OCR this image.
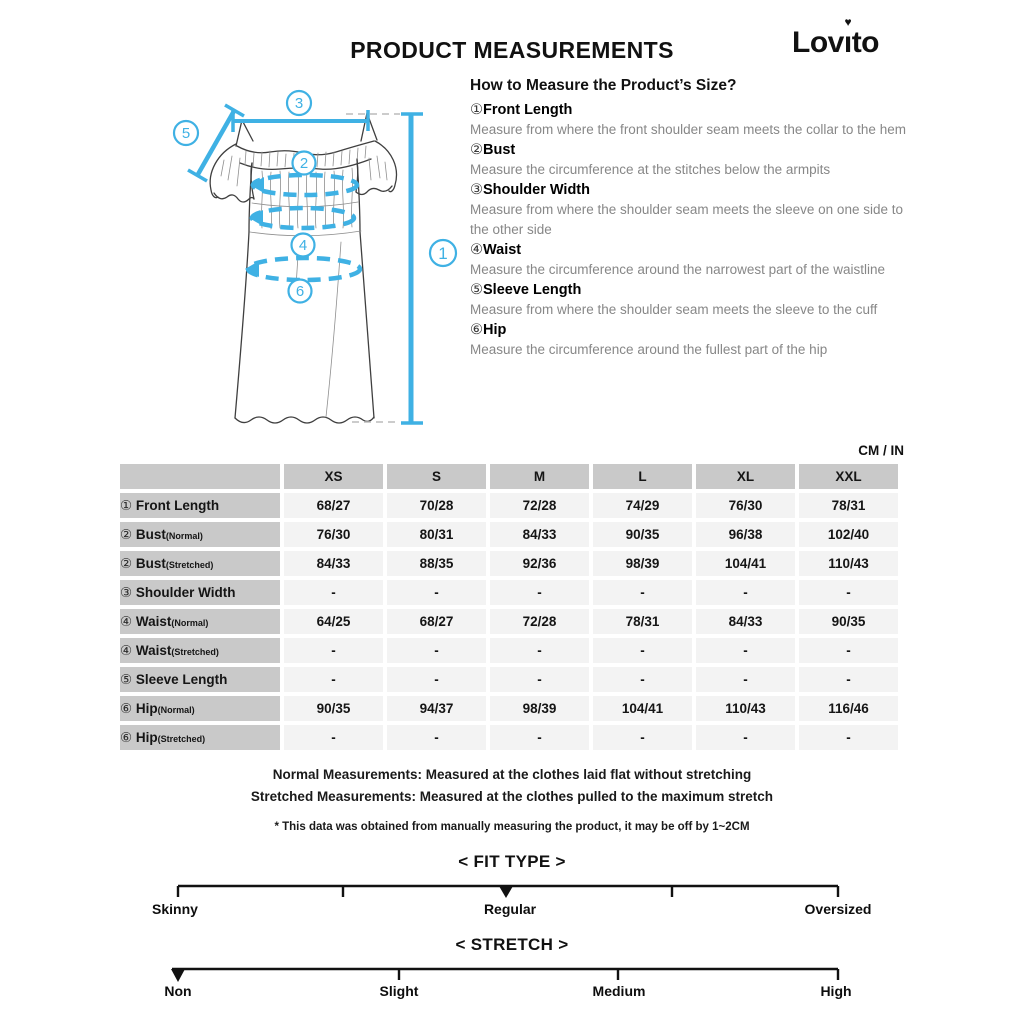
PRODUCT MEASUREMENTS	Lovı
♥
to
1
2
3
4
5
6
How to Measure the Product’s Size?
①Front Length
Measure from where the front shoulder seam meets the collar to the hem
②Bust
Measure the circumference at the stitches below the armpits
③Shoulder Width
Measure from where the shoulder seam meets the sleeve on one side to the other side
④Waist
Measure the circumference around the narrowest part of the waistline
⑤Sleeve Length
Measure from where the shoulder seam meets the sleeve to the cuff
⑥Hip
Measure the circumference around the fullest part of the hip
CM / IN
	XS	S	M	L	XL	XXL
① Front Length	68/27	70/28	72/28	74/29	76/30	78/31
② Bust(Normal)	76/30	80/31	84/33	90/35	96/38	102/40
② Bust(Stretched)	84/33	88/35	92/36	98/39	104/41	110/43
③ Shoulder Width	-	-	-	-	-	-
④ Waist(Normal)	64/25	68/27	72/28	78/31	84/33	90/35
④ Waist(Stretched)	-	-	-	-	-	-
⑤ Sleeve Length	-	-	-	-	-	-
⑥ Hip(Normal)	90/35	94/37	98/39	104/41	110/43	116/46
⑥ Hip(Stretched)	-	-	-	-	-	-
Normal Measurements: Measured at the clothes laid flat without stretching
Stretched Measurements: Measured at the clothes pulled to the maximum stretch
* This data was obtained from manually measuring the product, it may be off by 1~2CM
< FIT TYPE >
Skinny	Regular	Oversized
< STRETCH >
Non	Slight	Medium	High
